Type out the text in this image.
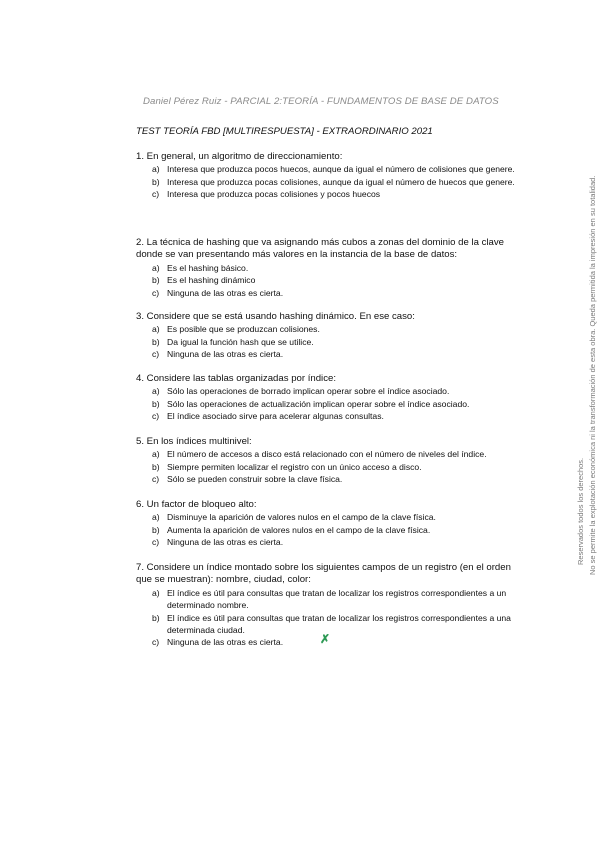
Daniel Pérez Ruiz - PARCIAL 2:TEORÍA - FUNDAMENTOS DE BASE DE DATOS
TEST TEORÍA FBD [MULTIRESPUESTA] - EXTRAORDINARIO 2021
1. En general, un algoritmo de direccionamiento:
a) Interesa que produzca pocos huecos, aunque da igual el número de colisiones que genere.
b) Interesa que produzca pocas colisiones, aunque da igual el número de huecos que genere.
c) Interesa que produzca pocas colisiones y pocos huecos
2. La técnica de hashing que va asignando más cubos a zonas del dominio de la clave donde se van presentando más valores en la instancia de la base de datos:
a) Es el hashing básico.
b) Es el hashing dinámico
c) Ninguna de las otras es cierta.
3. Considere que se está usando hashing dinámico. En ese caso:
a) Es posible que se produzcan colisiones.
b) Da igual la función hash que se utilice.
c) Ninguna de las otras es cierta.
4. Considere las tablas organizadas por índice:
a) Sólo las operaciones de borrado implican operar sobre el índice asociado.
b) Sólo las operaciones de actualización implican operar sobre el índice asociado.
c) El índice asociado sirve para acelerar algunas consultas.
5. En los índices multinivel:
a) El número de accesos a disco está relacionado con el número de niveles del índice.
b) Siempre permiten localizar el registro con un único acceso a disco.
c) Sólo se pueden construir sobre la clave física.
6. Un factor de bloqueo alto:
a) Disminuye la aparición de valores nulos en el campo de la clave física.
b) Aumenta la aparición de valores nulos en el campo de la clave física.
c) Ninguna de las otras es cierta.
7. Considere un índice montado sobre los siguientes campos de un registro (en el orden que se muestran): nombre, ciudad, color:
a) El índice es útil para consultas que tratan de localizar los registros correspondientes a un determinado nombre.
b) El índice es útil para consultas que tratan de localizar los registros correspondientes a una determinada ciudad.
c) Ninguna de las otras es cierta.	✗
Reservados todos los derechos. No se permite la explotación económica ni la transformación de esta obra. Queda permitida la impresión en su totalidad.
